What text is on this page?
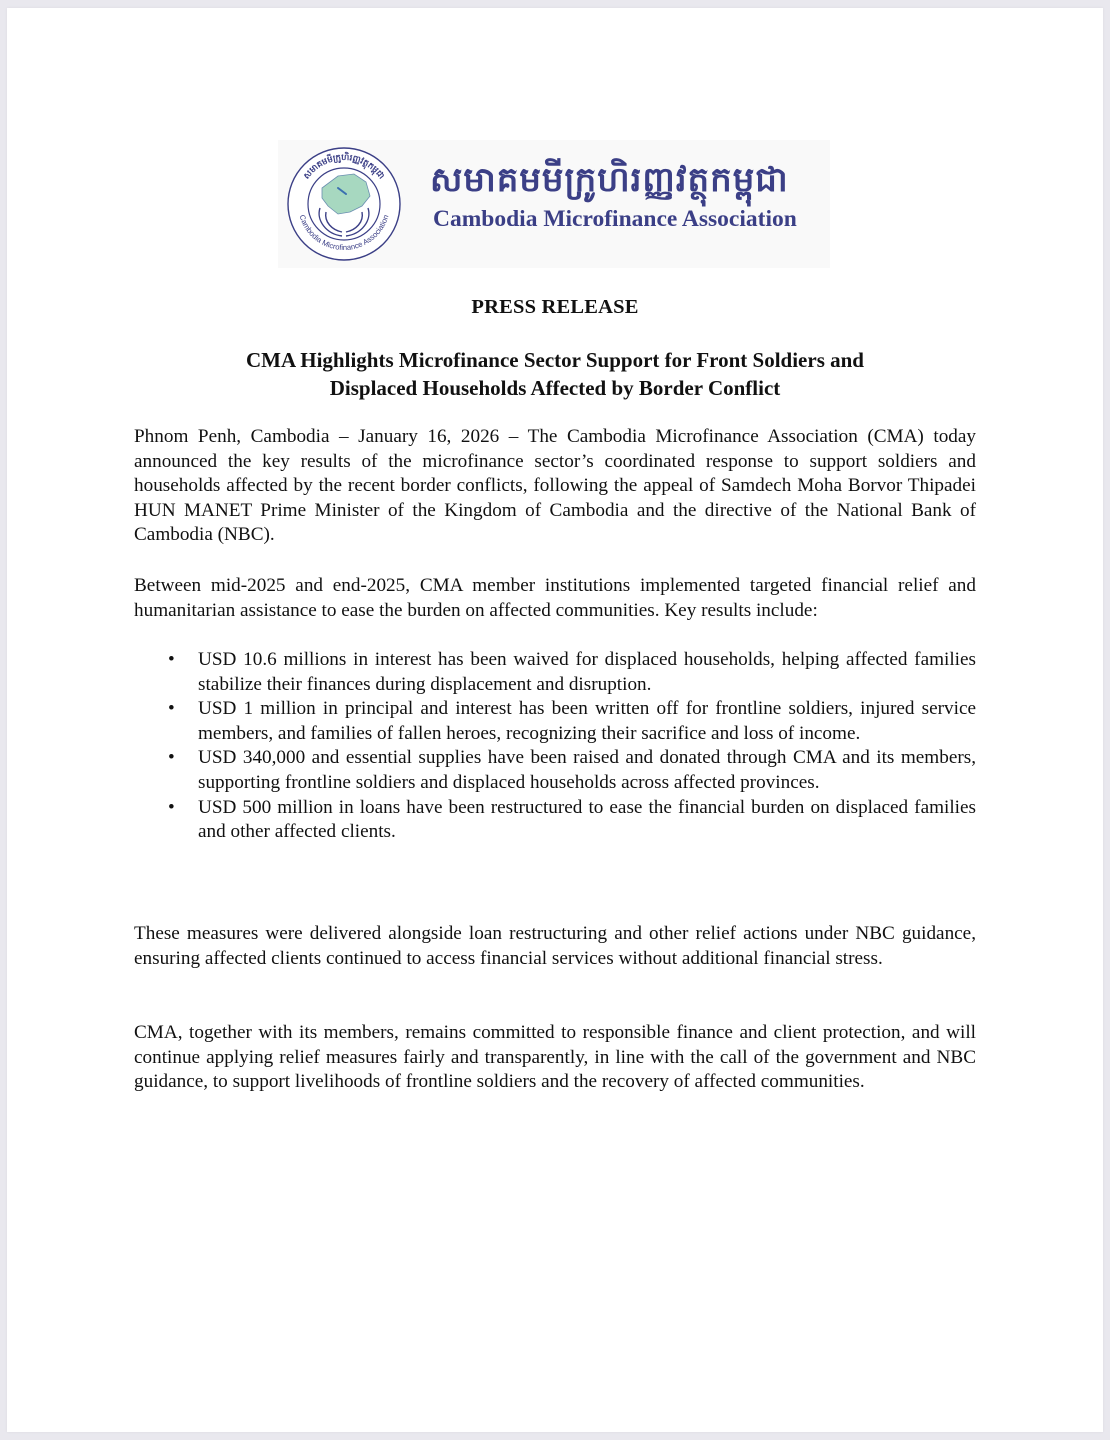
សមាគមមីក្រូហិរញ្ញវត្ថុកម្ពុជា
Cambodia Microfinance Association
សមាគមមីក្រូហិរញ្ញវត្ថុកម្ពុជា
Cambodia Microfinance Association
PRESS RELEASE
CMA Highlights Microfinance Sector Support for Front Soldiers and
Displaced Households Affected by Border Conflict

Phnom Penh, Cambodia – January 16, 2026 – The Cambodia Microfinance Association (CMA) today announced the key results of the microfinance sector’s coordinated response to support soldiers and households affected by the recent border conflicts, following the appeal of Samdech Moha Borvor Thipadei HUN MANET Prime Minister of the Kingdom of Cambodia and the directive of the National Bank of Cambodia (NBC).

Between mid-2025 and end-2025, CMA member institutions implemented targeted financial relief and humanitarian assistance to ease the burden on affected communities. Key results include:

• USD 10.6 millions in interest has been waived for displaced households, helping affected families stabilize their finances during displacement and disruption.
• USD 1 million in principal and interest has been written off for frontline soldiers, injured service members, and families of fallen heroes, recognizing their sacrifice and loss of income.
• USD 340,000 and essential supplies have been raised and donated through CMA and its members, supporting frontline soldiers and displaced households across affected provinces.
• USD 500 million in loans have been restructured to ease the financial burden on displaced families and other affected clients.

These measures were delivered alongside loan restructuring and other relief actions under NBC guidance, ensuring affected clients continued to access financial services without additional financial stress.

CMA, together with its members, remains committed to responsible finance and client protection, and will continue applying relief measures fairly and transparently, in line with the call of the government and NBC guidance, to support livelihoods of frontline soldiers and the recovery of affected communities.
